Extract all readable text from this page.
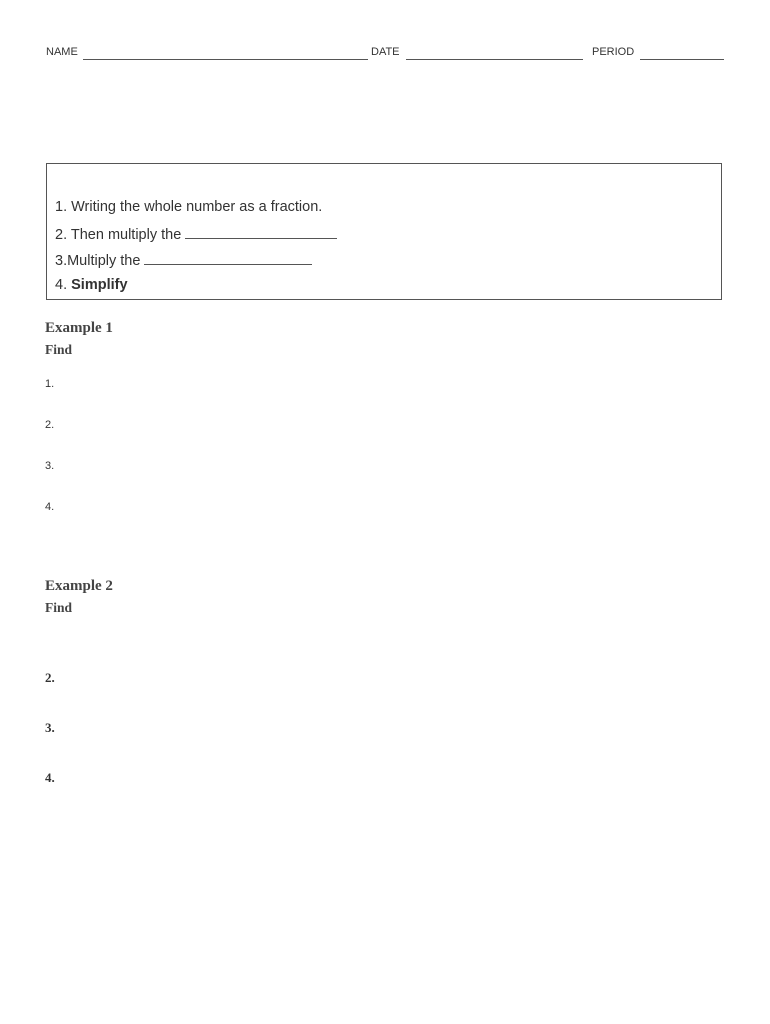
NAME	DATE	PERIOD
1. Writing the whole number as a fraction.
2. Then multiply the
3.Multiply the
4. Simplify
Example 1
Find
1.
2.
3.
4.
Example 2
Find
2.
3.
4.
